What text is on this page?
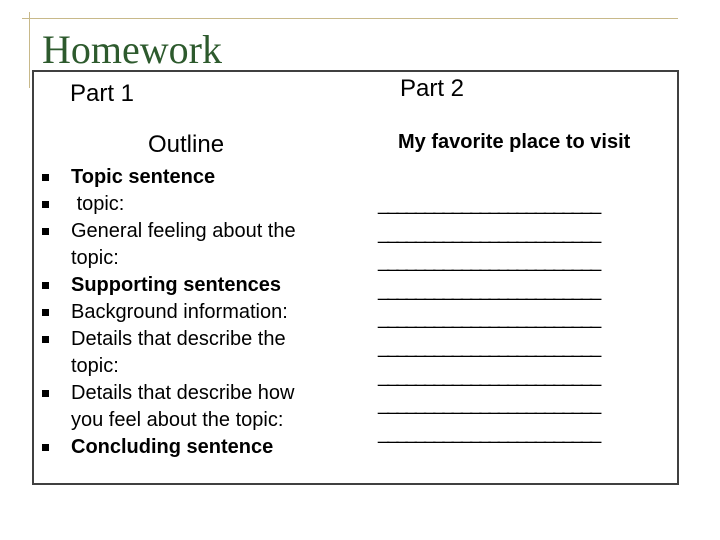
Homework
Part 1	Part 2
Outline	My favorite place to visit
Topic sentence
topic:
General feeling about the topic:
Supporting sentences
Background information:
Details that describe the topic:
Details that describe how you feel about the topic:
Concluding sentence
________________________
________________________
________________________
________________________
________________________
________________________
________________________
________________________
________________________
